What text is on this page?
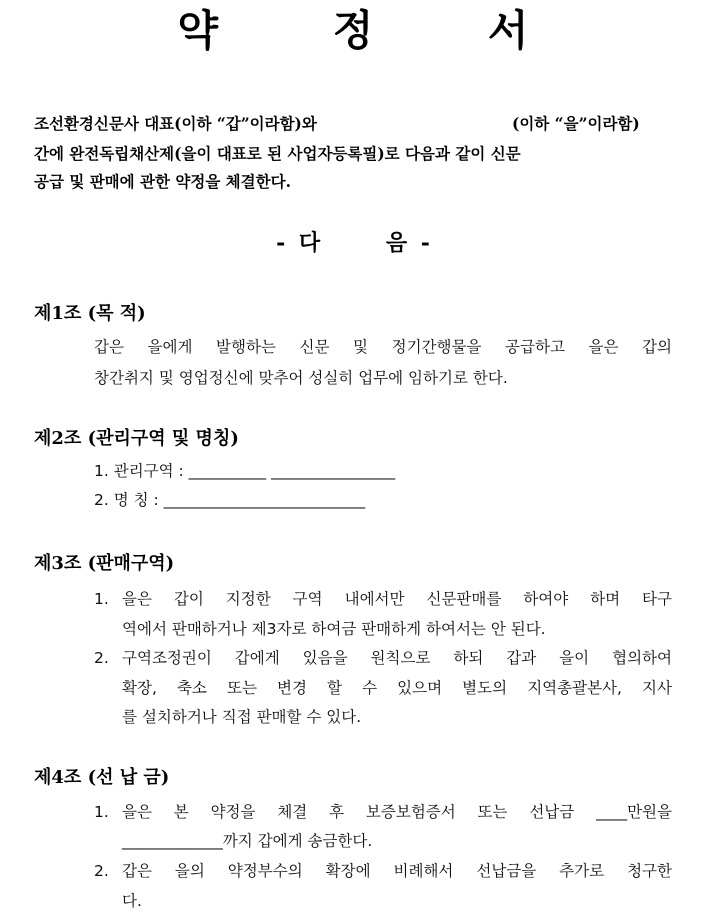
약 정 서
조선환경신문사 대표(이하 “갑”이라함)와	(이하 “을”이라함)
간에 완전독립채산제(을이 대표로 된 사업자등록필)로 다음과 같이 신문
공급 및 판매에 관한 약정을 체결한다.
- 다	음 -
제1조 (목 적)
갑은 을에게 발행하는 신문 및 정기간행물을 공급하고 을은 갑의
창간취지 및 영업정신에 맞추어 성실히 업무에 임하기로 한다.
제2조 (관리구역 및 명칭)
1. 관리구역 : __________ ________________
2. 명 칭 : __________________________
제3조 (판매구역)
1. 을은 갑이 지정한 구역 내에서만 신문판매를 하여야 하며 타구
역에서 판매하거나 제3자로 하여금 판매하게 하여서는 안 된다.
2. 구역조정권이 갑에게 있음을 원칙으로 하되 갑과 을이 협의하여
확장, 축소 또는 변경 할 수 있으며 별도의 지역총괄본사, 지사
를 설치하거나 직접 판매할 수 있다.
제4조 (선 납 금)
1. 을은 본 약정을 체결 후 보증보험증서 또는 선납금 ____만원을
_____________까지 갑에게 송금한다.
2. 갑은 을의 약정부수의 확장에 비례해서 선납금을 추가로 청구한
다.
